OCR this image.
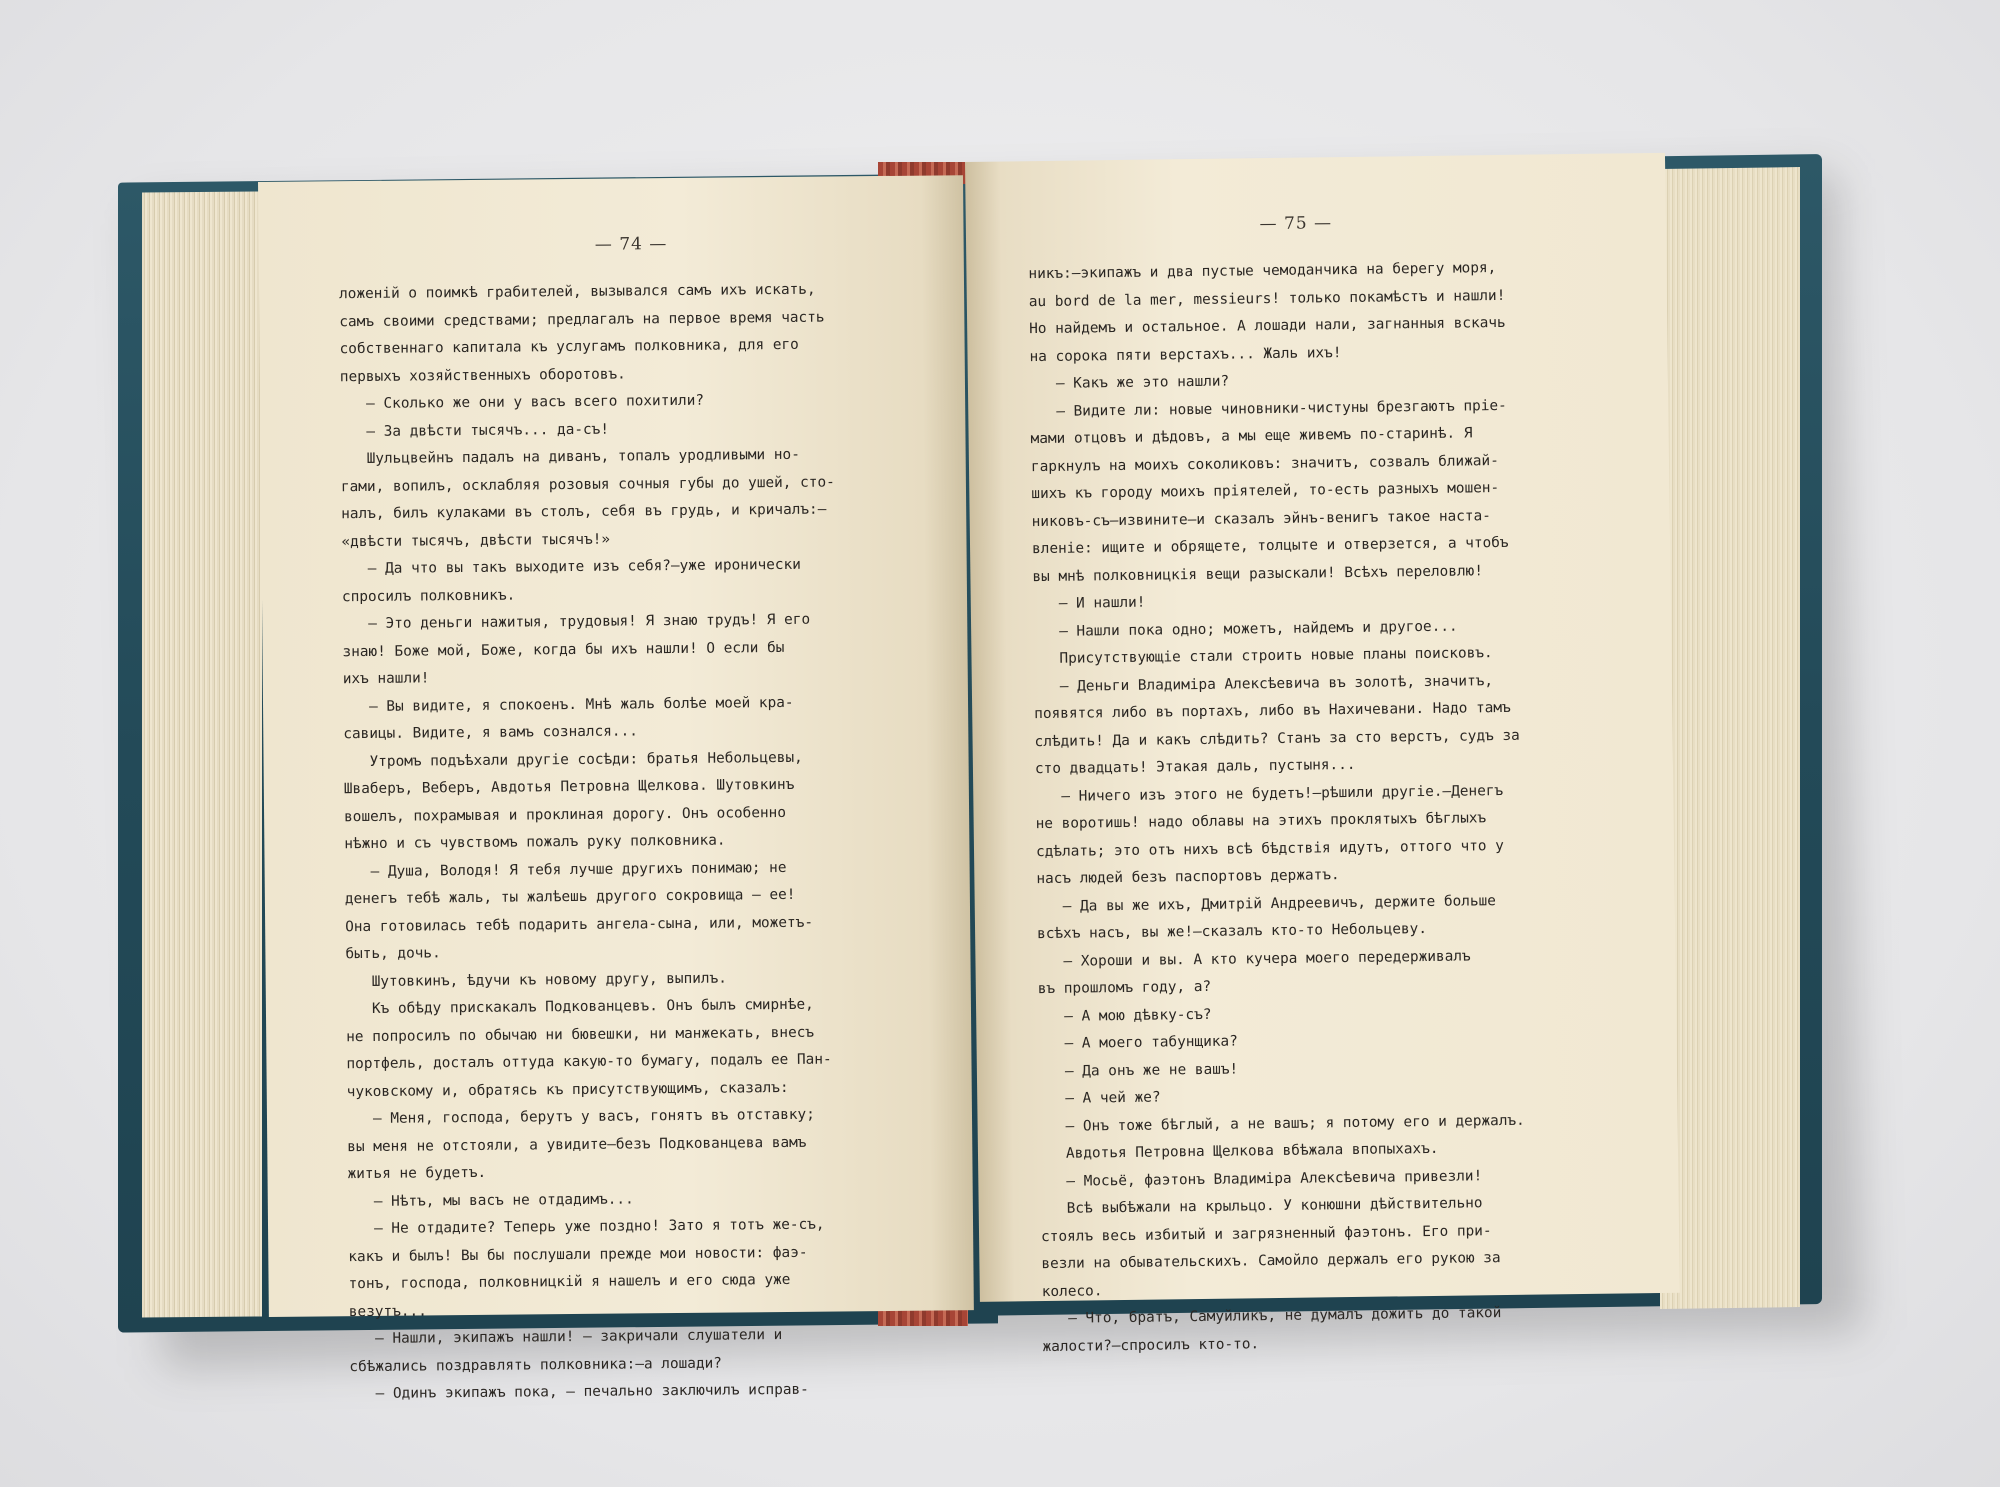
— 74 —
ложеній о поимкѣ грабителей, вызывался самъ ихъ искать,
самъ своими средствами; предлагалъ на первое время часть
собственнаго капитала къ услугамъ полковника, для его
первыхъ хозяйственныхъ оборотовъ.
— Сколько же они у васъ всего похитили?
— За двѣсти тысячъ... да-съ!
Шульцвейнъ падалъ на диванъ, топалъ уродливыми но-
гами, вопилъ, осклабляя розовыя сочныя губы до ушей, сто-
налъ, билъ кулаками въ столъ, себя въ грудь, и кричалъ:—
«двѣсти тысячъ, двѣсти тысячъ!»
— Да что вы такъ выходите изъ себя?—уже иронически
спросилъ полковникъ.
— Это деньги нажитыя, трудовыя! Я знаю трудъ! Я его
знаю! Боже мой, Боже, когда бы ихъ нашли! О если бы
ихъ нашли!
— Вы видите, я спокоенъ. Мнѣ жаль болѣе моей кра-
савицы. Видите, я вамъ сознался...
Утромъ подъѣхали другіе сосѣди: братья Небольцевы,
Шваберъ, Веберъ, Авдотья Петровна Щелкова. Шутовкинъ
вошелъ, похрамывая и проклиная дорогу. Онъ особенно
нѣжно и съ чувствомъ пожалъ руку полковника.
— Душа, Володя! Я тебя лучше другихъ понимаю; не
денегъ тебѣ жаль, ты жалѣешь другого сокровища — ее!
Она готовилась тебѣ подарить ангела-сына, или, можетъ-
быть, дочь.
Шутовкинъ, ѣдучи къ новому другу, выпилъ.
Къ обѣду прискакалъ Подкованцевъ. Онъ былъ смирнѣе,
не попросилъ по обычаю ни бювешки, ни манжекать, внесъ
портфель, досталъ оттуда какую-то бумагу, подалъ ее Пан-
чуковскому и, обратясь къ присутствующимъ, сказалъ:
— Меня, господа, берутъ у васъ, гонятъ въ отставку;
вы меня не отстояли, а увидите—безъ Подкованцева вамъ
житья не будетъ.
— Нѣтъ, мы васъ не отдадимъ...
— Не отдадите? Теперь уже поздно! Зато я тотъ же-съ,
какъ и былъ! Вы бы послушали прежде мои новости: фаэ-
тонъ, господа, полковницкій я нашелъ и его сюда уже
везутъ...
— Нашли, экипажъ нашли! — закричали слушатели и
сбѣжались поздравлять полковника:—а лошади?
— Одинъ экипажъ пока, — печально заключилъ исправ-
— 75 —
никъ:—экипажъ и два пустые чемоданчика на берегу моря,
au bord de la mer, messieurs! только покамѣстъ и нашли!
Но найдемъ и остальное. А лошади нали, загнанныя вскачь
на сорока пяти верстахъ... Жаль ихъ!
— Какъ же это нашли?
— Видите ли: новые чиновники-чистуны брезгаютъ прiе-
мами отцовъ и дѣдовъ, а мы еще живемъ по-старинѣ. Я
гаркнулъ на моихъ соколиковъ: значитъ, созвалъ ближай-
шихъ къ городу моихъ прiятелей, то-есть разныхъ мошен-
никовъ-съ—извините—и сказалъ эйнъ-венигъ такое наста-
вленіе: ищите и обрящете, толцыте и отверзется, а чтобъ
вы мнѣ полковницкія вещи разыскали! Всѣхъ переловлю!
— И нашли!
— Нашли пока одно; можетъ, найдемъ и другое...
Присутствующіе стали строить новые планы поисковъ.
— Деньги Владиміра Алексѣевича въ золотѣ, значитъ,
появятся либо въ портахъ, либо въ Нахичевани. Надо тамъ
слѣдить! Да и какъ слѣдить? Станъ за сто верстъ, судъ за
сто двадцать! Этакая даль, пустыня...
— Ничего изъ этого не будетъ!—рѣшили другіе.—Денегъ
не воротишь! надо облавы на этихъ проклятыхъ бѣглыхъ
сдѣлать; это отъ нихъ всѣ бѣдствія идутъ, оттого что у
насъ людей безъ паспортовъ держатъ.
— Да вы же ихъ, Дмитрій Андреевичъ, держите больше
всѣхъ насъ, вы же!—сказалъ кто-то Небольцеву.
— Хороши и вы. А кто кучера моего передерживалъ
въ прошломъ году, а?
— А мою дѣвку-съ?
— А моего табунщика?
— Да онъ же не вашъ!
— А чей же?
— Онъ тоже бѣглый, а не вашъ; я потому его и держалъ.
Авдотья Петровна Щелкова вбѣжала впопыхахъ.
— Мосьё, фаэтонъ Владиміра Алексѣевича привезли!
Всѣ выбѣжали на крыльцо. У конюшни дѣйствительно
стоялъ весь избитый и загрязненный фаэтонъ. Его при-
везли на обывательскихъ. Самойло держалъ его рукою за
колесо.
— Что, братъ, Самуйликъ, не думалъ дожить до такой
жалости?—спросилъ кто-то.
